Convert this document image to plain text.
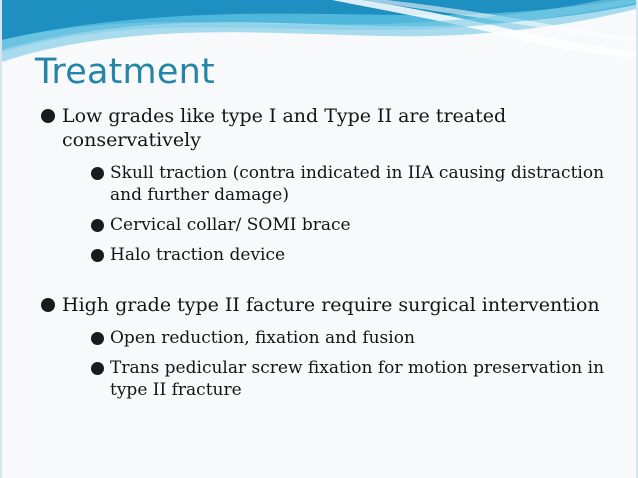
Treatment
Low grades like type I and Type II are treated conservatively
Skull traction (contra indicated in IIA causing distraction and further damage)
Cervical collar/ SOMI brace
Halo traction device
High grade type II facture require surgical intervention
Open reduction, fixation and fusion
Trans pedicular screw fixation for motion preservation in type II fracture
